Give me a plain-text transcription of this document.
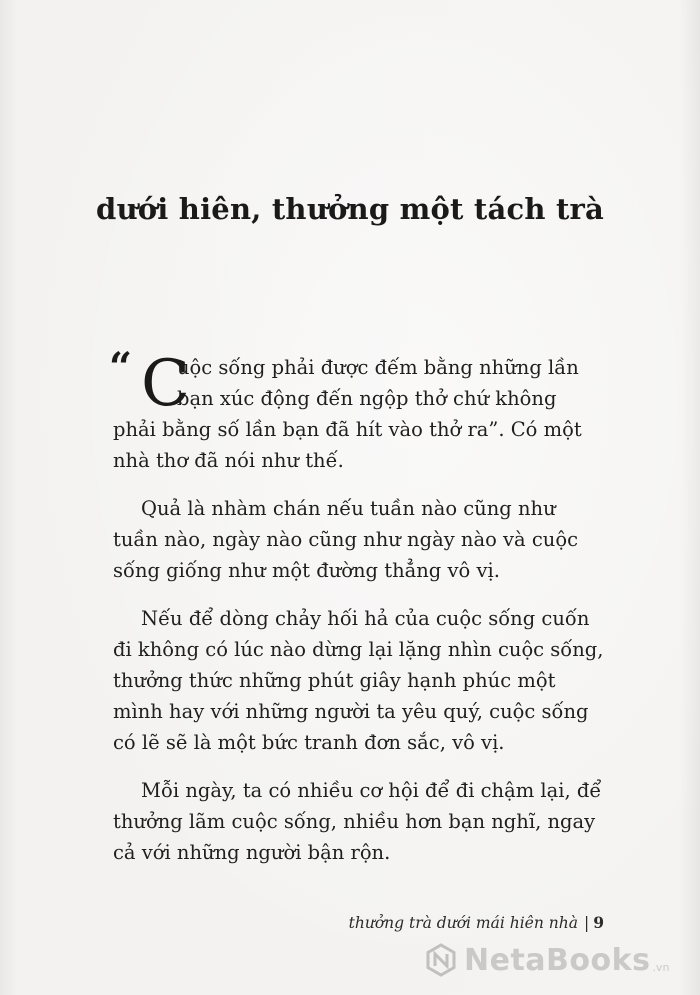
dưới hiên, thưởng một tách trà

“ C
uộc sống phải được đếm bằng những lần
bạn xúc động đến ngộp thở chứ không
phải bằng số lần bạn đã hít vào thở ra”. Có một
nhà thơ đã nói như thế.

Quả là nhàm chán nếu tuần nào cũng như
tuần nào, ngày nào cũng như ngày nào và cuộc
sống giống như một đường thẳng vô vị.

Nếu để dòng chảy hối hả của cuộc sống cuốn
đi không có lúc nào dừng lại lặng nhìn cuộc sống,
thưởng thức những phút giây hạnh phúc một
mình hay với những người ta yêu quý, cuộc sống
có lẽ sẽ là một bức tranh đơn sắc, vô vị.

Mỗi ngày, ta có nhiều cơ hội để đi chậm lại, để
thưởng lãm cuộc sống, nhiều hơn bạn nghĩ, ngay
cả với những người bận rộn.

thưởng trà dưới mái hiên nhà | 9
NetaBooks .vn
